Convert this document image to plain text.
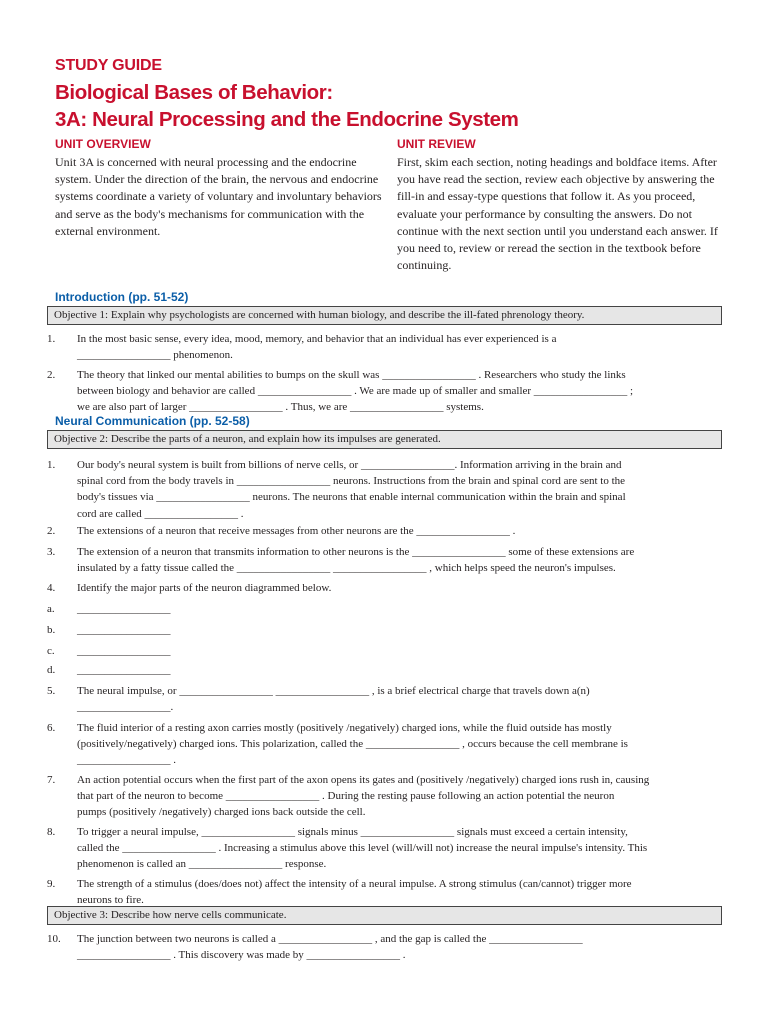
STUDY GUIDE
Biological Bases of Behavior:
3A: Neural Processing and the Endocrine System
UNIT OVERVIEW

Unit 3A is concerned with neural processing and the endocrine system. Under the direction of the brain, the nervous and endocrine systems coordinate a variety of voluntary and involuntary behaviors and serve as the body's mechanisms for communication with the external environment.

UNIT REVIEW

First, skim each section, noting headings and boldface items. After you have read the section, review each objective by answering the fill-in and essay-type questions that follow it. As you proceed, evaluate your performance by consulting the answers. Do not continue with the next section until you understand each answer. If you need to, review or reread the section in the textbook before continuing.

Introduction (pp. 51-52)
Objective 1: Explain why psychologists are concerned with human biology, and describe the ill-fated phrenology theory.
1.	In the most basic sense, every idea, mood, memory, and behavior that an individual has ever experienced is a
_________________ phenomenon.
2.	The theory that linked our mental abilities to bumps on the skull was _________________ . Researchers who study the links
between biology and behavior are called _________________ . We are made up of smaller and smaller _________________ ;
we are also part of larger _________________ . Thus, we are _________________ systems.
Neural Communication (pp. 52-58)
Objective 2: Describe the parts of a neuron, and explain how its impulses are generated.
1.	Our body's neural system is built from billions of nerve cells, or _________________. Information arriving in the brain and
spinal cord from the body travels in _________________ neurons. Instructions from the brain and spinal cord are sent to the
body's tissues via _________________ neurons. The neurons that enable internal communication within the brain and spinal
cord are called _________________ .
2.	The extensions of a neuron that receive messages from other neurons are the _________________ .
3.	The extension of a neuron that transmits information to other neurons is the _________________ some of these extensions are
insulated by a fatty tissue called the _________________ _________________ , which helps speed the neuron's impulses.
4.	Identify the major parts of the neuron diagrammed below.
a.	_________________
b.	_________________
c.	_________________
d.	_________________
5.	The neural impulse, or _________________ _________________ , is a brief electrical charge that travels down a(n)
_________________.
6.	The fluid interior of a resting axon carries mostly (positively /negatively) charged ions, while the fluid outside has mostly
(positively/negatively) charged ions. This polarization, called the _________________ , occurs because the cell membrane is
_________________ .
7.	An action potential occurs when the first part of the axon opens its gates and (positively /negatively) charged ions rush in, causing
that part of the neuron to become _________________ . During the resting pause following an action potential the neuron
pumps (positively /negatively) charged ions back outside the cell.
8.	To trigger a neural impulse, _________________ signals minus _________________ signals must exceed a certain intensity,
called the _________________ . Increasing a stimulus above this level (will/will not) increase the neural impulse's intensity. This
phenomenon is called an _________________ response.
9.	The strength of a stimulus (does/does not) affect the intensity of a neural impulse. A strong stimulus (can/cannot) trigger more
neurons to fire.
Objective 3: Describe how nerve cells communicate.
10.	The junction between two neurons is called a _________________ , and the gap is called the _________________
_________________ . This discovery was made by _________________ .
